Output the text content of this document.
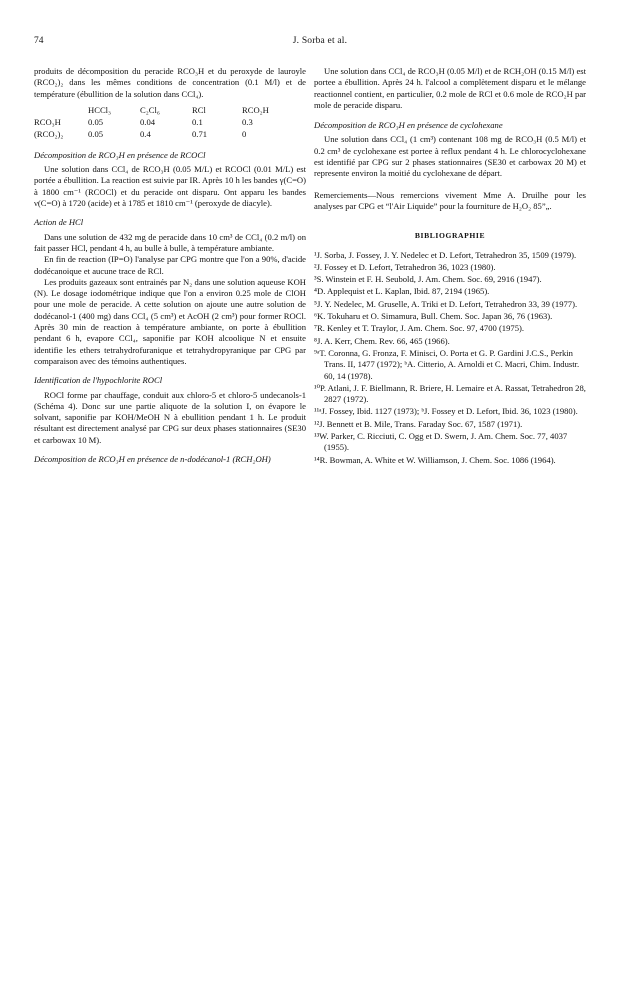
74	J. Sorba et al.

produits de décomposition du peracide RCO₃H et du peroxyde de lauroyle (RCO₂)₂ dans les mêmes conditions de concentration (0.1 M/l) et de température (ébullition de la solution dans CCl₄).

	HCCl₃	C₂Cl₆	RCl	RCO₂H
RCO₃H	0.05	0.04	0.1	0.3
(RCO₂)₂	0.05	0.4	0.71	0

Décomposition de RCO₃H en présence de RCOCl

Une solution dans CCl₄ de RCO₃H (0.05 M/L) et RCOCl (0.01 M/L) est portée a ébullition. La reaction est suivie par IR. Après 10 h les bandes γ(C=O) à 1800 cm⁻¹ (RCOCl) et du peracide ont disparu. Ont apparu les bandes ν(C=O) à 1720 (acide) et à 1785 et 1810 cm⁻¹ (peroxyde de diacyle).

Action de HCl

Dans une solution de 432 mg de peracide dans 10 cm³ de CCl₄ (0.2 m/l) on fait passer HCl, pendant 4 h, au bulle à bulle, à température ambiante.

En fin de reaction (IP=O) l'analyse par CPG montre que l'on a 90%, d'acide dodécanoique et aucune trace de RCl.

Les produits gazeaux sont entrainés par N₂ dans une solution aqueuse KOH (N). Le dosage iodométrique indique que l'on a environ 0.25 mole de ClOH pour une mole de peracide. A cette solution on ajoute une autre solution de dodécanol-1 (400 mg) dans CCl₄ (5 cm³) et AcOH (2 cm³) pour former ROCl. Après 30 min de reaction à température ambiante, on porte à ébullition pendant 6 h, evapore CCl₄, saponifie par KOH alcoolique N et ensuite identifie les ethers tetrahydrofuranique et tetrahydropyranique par CPG par comparaison avec des témoins authentiques.

Identification de l'hypochlorite ROCl

ROCl forme par chauffage, conduit aux chloro-5 et chloro-5 undecanols-1 (Schéma 4). Donc sur une partie aliquote de la solution I, on évapore le solvant, saponifie par KOH/MeOH N à ebullition pendant 1 h. Le produit résultant est directement analysé par CPG sur deux phases stationnaires (SE30 et carbowax 10 M).

Décomposition de RCO₃H en présence de n-dodécanol-1 (RCH₂OH)

Une solution dans CCl₄ de RCO₃H (0.05 M/l) et de RCH₂OH (0.15 M/l) est portee a ébullition. Après 24 h. l'alcool a complètement disparu et le mélange reactionnel contient, en particulier, 0.2 mole de RCl et 0.6 mole de RCO₂H par mole de peracide disparu.

Décomposition de RCO₃H en présence de cyclohexane

Une solution dans CCl₄ (1 cm³) contenant 108 mg de RCO₃H (0.5 M/l) et 0.2 cm³ de cyclohexane est portee à reflux pendant 4 h. Le chlorocyclohexane est identifié par CPG sur 2 phases stationnaires (SE30 et carbowax 20 M) et represente environ la moitié du cyclohexane de départ.

Remerciements—Nous remercions vivement Mme A. Druilhe pour les analyses par CPG et “l'Air Liquide” pour la fourniture de H₂O₂ 85”„.

BIBLIOGRAPHIE

¹J. Sorba, J. Fossey, J. Y. Nedelec et D. Lefort, Tetrahedron 35, 1509 (1979).
²J. Fossey et D. Lefort, Tetrahedron 36, 1023 (1980).
³S. Winstein et F. H. Seubold, J. Am. Chem. Soc. 69, 2916 (1947).
⁴D. Applequist et L. Kaplan, Ibid. 87, 2194 (1965).
⁵J. Y. Nedelec, M. Gruselle, A. Triki et D. Lefort, Tetrahedron 33, 39 (1977).
⁶K. Tokuharu et O. Simamura, Bull. Chem. Soc. Japan 36, 76 (1963).
⁷R. Kenley et T. Traylor, J. Am. Chem. Soc. 97, 4700 (1975).
⁸J. A. Kerr, Chem. Rev. 66, 465 (1966).
⁹ᵃT. Coronna, G. Fronza, F. Minisci, O. Porta et G. P. Gardini J.C.S., Perkin Trans. II, 1477 (1972); ᵇA. Citterio, A. Arnoldi et C. Macri, Chim. Industr. 60, 14 (1978).
¹⁰P. Atlani, J. F. Biellmann, R. Briere, H. Lemaire et A. Rassat, Tetrahedron 28, 2827 (1972).
¹¹ᵃJ. Fossey, Ibid. 1127 (1973); ᵇJ. Fossey et D. Lefort, Ibid. 36, 1023 (1980).
¹²J. Bennett et B. Mile, Trans. Faraday Soc. 67, 1587 (1971).
¹³W. Parker, C. Ricciuti, C. Ogg et D. Swern, J. Am. Chem. Soc. 77, 4037 (1955).
¹⁴R. Bowman, A. White et W. Williamson, J. Chem. Soc. 1086 (1964).
